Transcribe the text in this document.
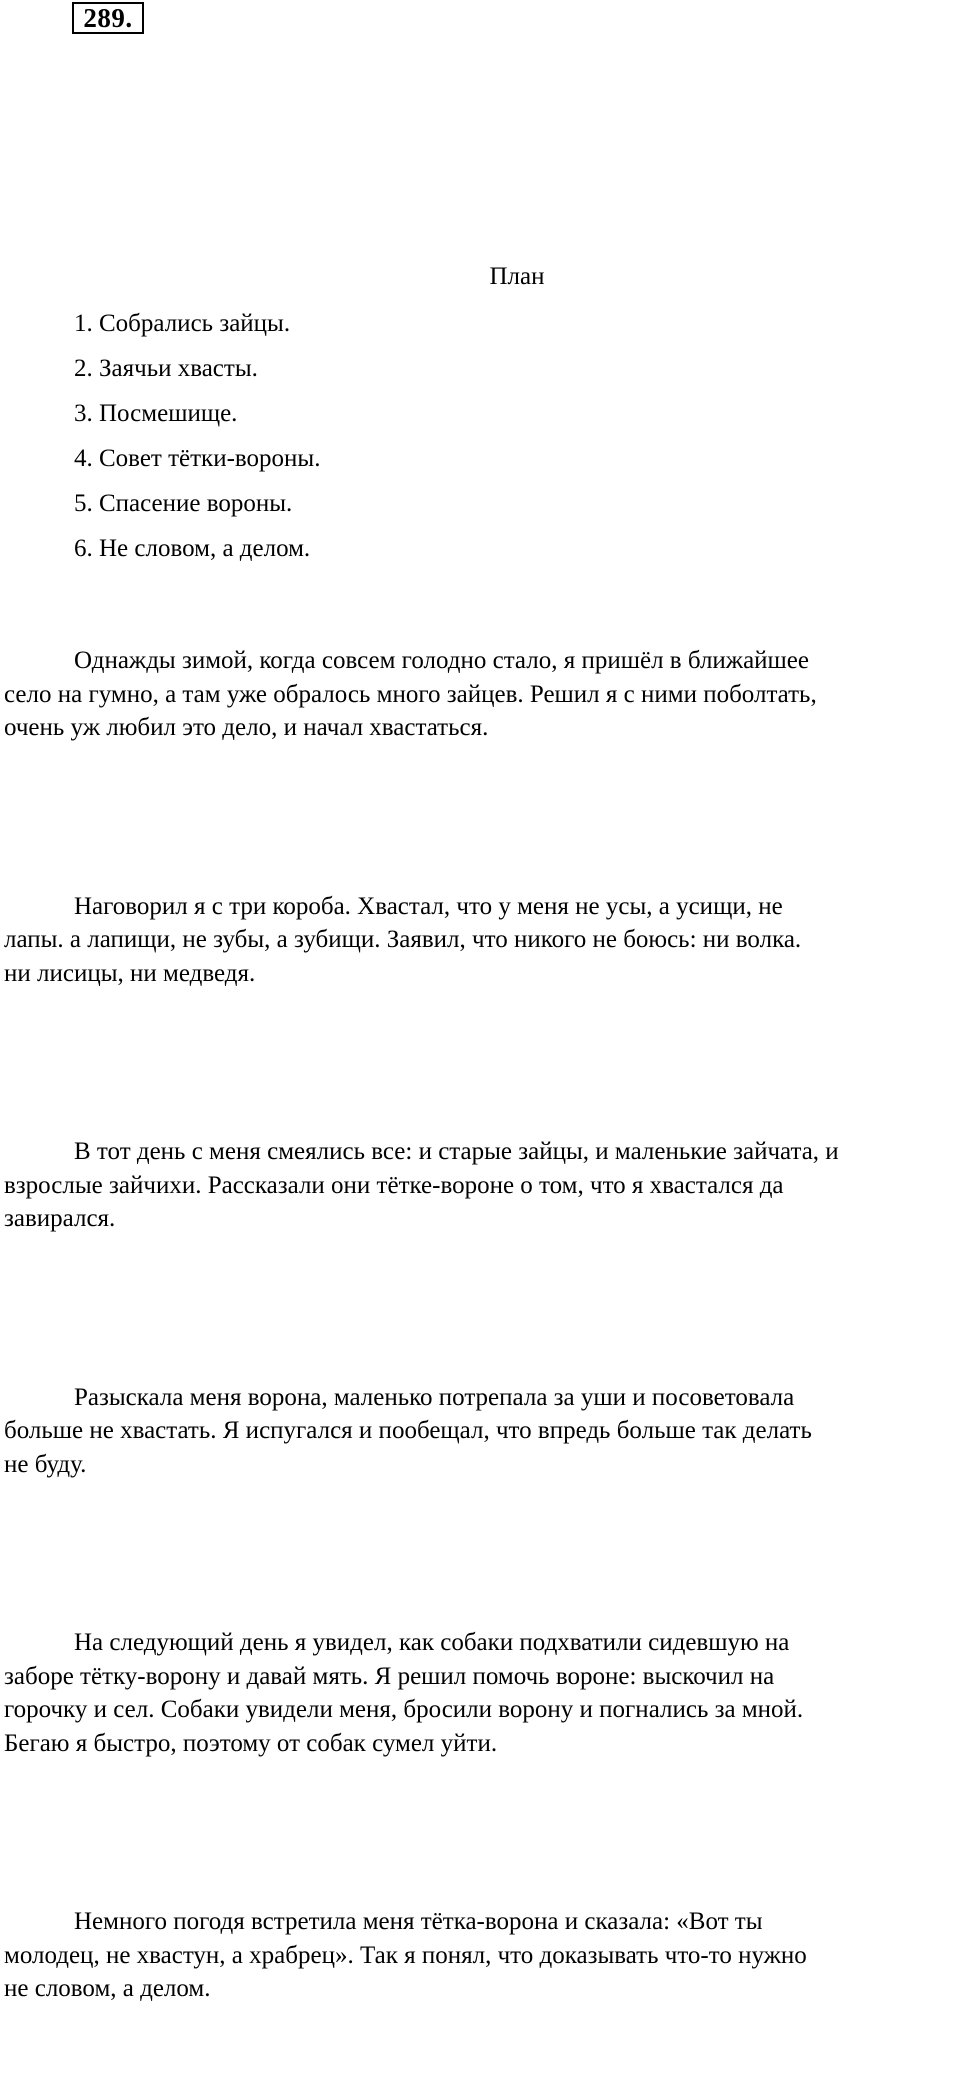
289.
План
1. Собрались зайцы.
2. Заячьи хвасты.
3. Посмешище.
4. Совет тётки-вороны.
5. Спасение вороны.
6. Не словом, а делом.

Однажды зимой, когда совсем голодно стало, я пришёл в ближайшее
село на гумно, а там уже обралось много зайцев. Решил я с ними поболтать,
очень уж любил это дело, и начал хвастаться.

Наговорил я с три короба. Хвастал, что у меня не усы, а усищи, не
лапы. а лапищи, не зубы, а зубищи. Заявил, что никого не боюсь: ни волка.
ни лисицы, ни медведя.

В тот день с меня смеялись все: и старые зайцы, и маленькие зайчата, и
взрослые зайчихи. Рассказали они тётке-вороне о том, что я хвастался да
завирался.

Разыскала меня ворона, маленько потрепала за уши и посоветовала
больше не хвастать. Я испугался и пообещал, что впредь больше так делать
не буду.

На следующий день я увидел, как собаки подхватили сидевшую на
заборе тётку-ворону и давай мять. Я решил помочь вороне: выскочил на
горочку и сел. Собаки увидели меня, бросили ворону и погнались за мной.
Бегаю я быстро, поэтому от собак сумел уйти.

Немного погодя встретила меня тётка-ворона и сказала: «Вот ты
молодец, не хвастун, а храбрец». Так я понял, что доказывать что-то нужно
не словом, а делом.
